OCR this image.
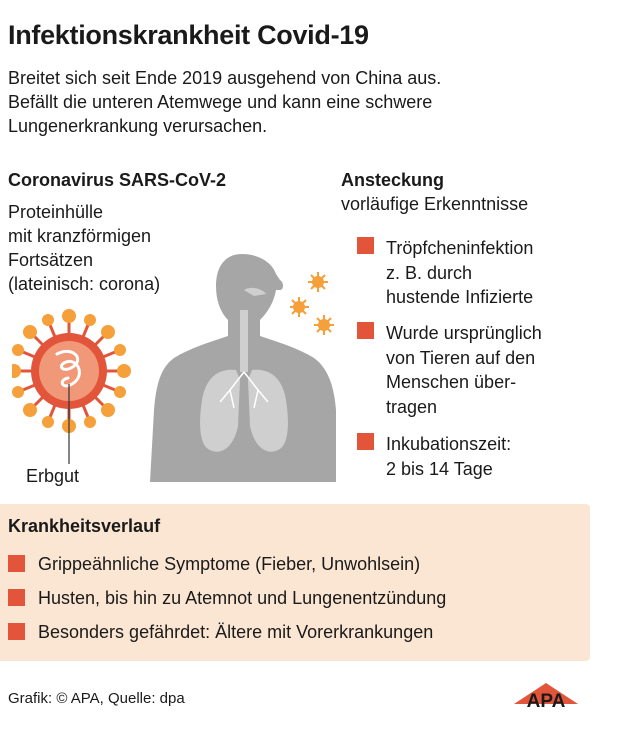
Infektionskrankheit Covid-19
Breitet sich seit Ende 2019 ausgehend von China aus.
Befällt die unteren Atemwege und kann eine schwere
Lungenerkrankung verursachen.
Coronavirus SARS-CoV-2
Proteinhülle
mit kranzförmigen
Fortsätzen
(lateinisch: corona)
Erbgut
Ansteckung
vorläufige Erkenntnisse
Tröpfcheninfektion
z. B. durch
hustende Infizierte
Wurde ursprünglich
von Tieren auf den
Menschen über-
tragen
Inkubationszeit:
2 bis 14 Tage
Krankheitsverlauf
Grippeähnliche Symptome (Fieber, Unwohlsein)
Husten, bis hin zu Atemnot und Lungenentzündung
Besonders gefährdet: Ältere mit Vorerkrankungen
Grafik: © APA, Quelle: dpa	APA
